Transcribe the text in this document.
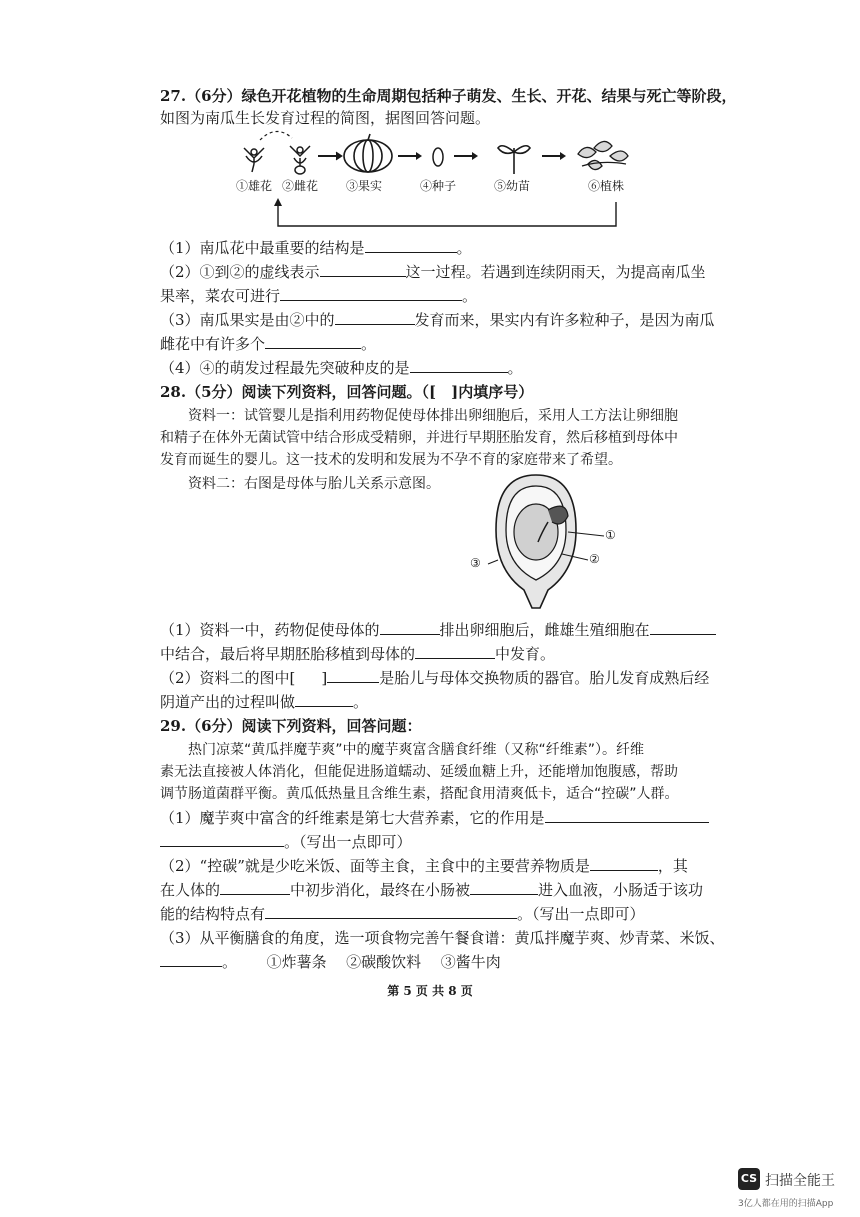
27.（6分）绿色开花植物的生命周期包括种子萌发、生长、开花、结果与死亡等阶段，
如图为南瓜生长发育过程的简图，据图回答问题。
①雄花 ②雌花 ③果实	④种子	⑤幼苗	⑥植株
（1）南瓜花中最重要的结构是	。
（2）①到②的虚线表示	这一过程。若遇到连续阴雨天，为提高南瓜坐
果率，菜农可进行	。
（3）南瓜果实是由②中的	发育而来，果实内有许多粒种子，是因为南瓜
雌花中有许多个	。
（4）④的萌发过程最先突破种皮的是	。
28.（5分）阅读下列资料，回答问题。（[　]内填序号）
资料一：试管婴儿是指利用药物促使母体排出卵细胞后，采用人工方法让卵细胞
和精子在体外无菌试管中结合形成受精卵，并进行早期胚胎发育，然后移植到母体中
发育而诞生的婴儿。这一技术的发明和发展为不孕不育的家庭带来了希望。
资料二：右图是母体与胎儿关系示意图。
①
②
③
（1）资料一中，药物促使母体的	排出卵细胞后，雌雄生殖细胞在
中结合，最后将早期胚胎移植到母体的	中发育。
（2）资料二的图中[ ]	是胎儿与母体交换物质的器官。胎儿发育成熟后经
阴道产出的过程叫做	。
29.（6分）阅读下列资料，回答问题：
热门凉菜“黄瓜拌魔芋爽”中的魔芋爽富含膳食纤维（又称“纤维素”）。纤维
素无法直接被人体消化，但能促进肠道蠕动、延缓血糖上升，还能增加饱腹感，帮助
调节肠道菌群平衡。黄瓜低热量且含维生素，搭配食用清爽低卡，适合“控碳”人群。
（1）魔芋爽中富含的纤维素是第七大营养素，它的作用是
。（写出一点即可）
（2）“控碳”就是少吃米饭、面等主食，主食中的主要营养物质是	，其
在人体的	中初步消化，最终在小肠被	进入血液，小肠适于该功
能的结构特点有	。（写出一点即可）
（3）从平衡膳食的角度，选一项食物完善午餐食谱：黄瓜拌魔芋爽、炒青菜、米饭、
。 ①炸薯条 ②碳酸饮料 ③酱牛肉
第 5 页 共 8 页
CS 扫描全能王
3亿人都在用的扫描App
